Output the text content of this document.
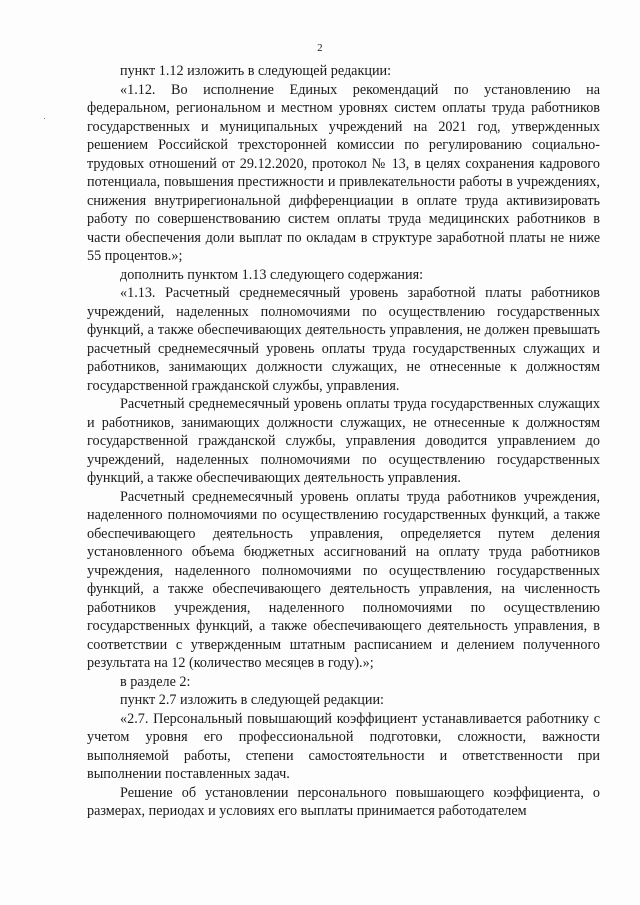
2

пункт 1.12 изложить в следующей редакции:

«1.12. Во исполнение Единых рекомендаций по установлению на федеральном, региональном и местном уровнях систем оплаты труда работников государственных и муниципальных учреждений на 2021 год, утвержденных решением Российской трехсторонней комиссии по регулированию социально-трудовых отношений от 29.12.2020, протокол № 13, в целях сохранения кадрового потенциала, повышения престижности и привлекательности работы в учреждениях, снижения внутрирегиональной дифференциации в оплате труда активизировать работу по совершенствованию систем оплаты труда медицинских работников в части обеспечения доли выплат по окладам в структуре заработной платы не ниже 55 процентов.»;

дополнить пунктом 1.13 следующего содержания:

«1.13. Расчетный среднемесячный уровень заработной платы работников учреждений, наделенных полномочиями по осуществлению государственных функций, а также обеспечивающих деятельность управления, не должен превышать расчетный среднемесячный уровень оплаты труда государственных служащих и работников, занимающих должности служащих, не отнесенные к должностям государственной гражданской службы, управления.

Расчетный среднемесячный уровень оплаты труда государственных служащих и работников, занимающих должности служащих, не отнесенные к должностям государственной гражданской службы, управления доводится управлением до учреждений, наделенных полномочиями по осуществлению государственных функций, а также обеспечивающих деятельность управления.

Расчетный среднемесячный уровень оплаты труда работников учреждения, наделенного полномочиями по осуществлению государственных функций, а также обеспечивающего деятельность управления, определяется путем деления установленного объема бюджетных ассигнований на оплату труда работников учреждения, наделенного полномочиями по осуществлению государственных функций, а также обеспечивающего деятельность управления, на численность работников учреждения, наделенного полномочиями по осуществлению государственных функций, а также обеспечивающего деятельность управления, в соответствии с утвержденным штатным расписанием и делением полученного результата на 12 (количество месяцев в году).»;

в разделе 2:

пункт 2.7 изложить в следующей редакции:

«2.7. Персональный повышающий коэффициент устанавливается работнику с учетом уровня его профессиональной подготовки, сложности, важности выполняемой работы, степени самостоятельности и ответственности при выполнении поставленных задач.

Решение об установлении персонального повышающего коэффициента, о размерах, периодах и условиях его выплаты принимается работодателем
